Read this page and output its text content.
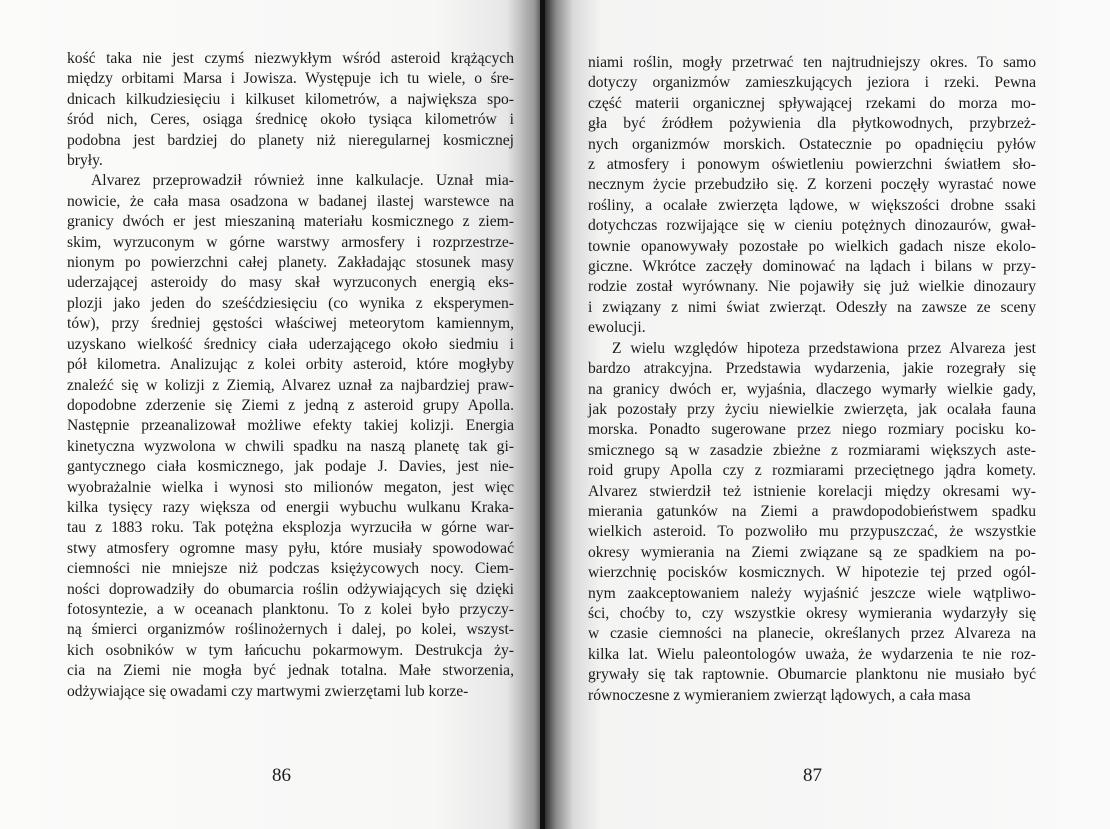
kość taka nie jest czymś niezwykłym wśród asteroid krążących
między orbitami Marsa i Jowisza. Występuje ich tu wiele, o śre-
dnicach kilkudziesięciu i kilkuset kilometrów, a największa spo-
śród nich, Ceres, osiąga średnicę około tysiąca kilometrów i
podobna jest bardziej do planety niż nieregularnej kosmicznej
bryły.
Alvarez przeprowadził również inne kalkulacje. Uznał mia-
nowicie, że cała masa osadzona w badanej ilastej warstewce na
granicy dwóch er jest mieszaniną materiału kosmicznego z ziem-
skim, wyrzuconym w górne warstwy armosfery i rozprzestrze-
nionym po powierzchni całej planety. Zakładając stosunek masy
uderzającej asteroidy do masy skał wyrzuconych energią eks-
plozji jako jeden do sześćdziesięciu (co wynika z eksperymen-
tów), przy średniej gęstości właściwej meteorytom kamiennym,
uzyskano wielkość średnicy ciała uderzającego około siedmiu i
pół kilometra. Analizując z kolei orbity asteroid, które mogłyby
znaleźć się w kolizji z Ziemią, Alvarez uznał za najbardziej praw-
dopodobne zderzenie się Ziemi z jedną z asteroid grupy Apolla.
Następnie przeanalizował możliwe efekty takiej kolizji. Energia
kinetyczna wyzwolona w chwili spadku na naszą planetę tak gi-
gantycznego ciała kosmicznego, jak podaje J. Davies, jest nie-
wyobrażalnie wielka i wynosi sto milionów megaton, jest więc
kilka tysięcy razy większa od energii wybuchu wulkanu Kraka-
tau z 1883 roku. Tak potężna eksplozja wyrzuciła w górne war-
stwy atmosfery ogromne masy pyłu, które musiały spowodować
ciemności nie mniejsze niż podczas księżycowych nocy. Ciem-
ności doprowadziły do obumarcia roślin odżywiających się dzięki
fotosyntezie, a w oceanach planktonu. To z kolei było przyczy-
ną śmierci organizmów roślinożernych i dalej, po kolei, wszyst-
kich osobników w tym łańcuchu pokarmowym. Destrukcja ży-
cia na Ziemi nie mogła być jednak totalna. Małe stworzenia,
odżywiające się owadami czy martwymi zwierzętami lub korze-
86
niami roślin, mogły przetrwać ten najtrudniejszy okres. To samo
dotyczy organizmów zamieszkujących jeziora i rzeki. Pewna
część materii organicznej spływającej rzekami do morza mo-
gła być źródłem pożywienia dla płytkowodnych, przybrzeż-
nych organizmów morskich. Ostatecznie po opadnięciu pyłów
z atmosfery i ponowym oświetleniu powierzchni światłem sło-
necznym życie przebudziło się. Z korzeni poczęły wyrastać nowe
rośliny, a ocalałe zwierzęta lądowe, w większości drobne ssaki
dotychczas rozwijające się w cieniu potężnych dinozaurów, gwał-
townie opanowywały pozostałe po wielkich gadach nisze ekolo-
giczne. Wkrótce zaczęły dominować na lądach i bilans w przy-
rodzie został wyrównany. Nie pojawiły się już wielkie dinozaury
i związany z nimi świat zwierząt. Odeszły na zawsze ze sceny
ewolucji.
Z wielu względów hipoteza przedstawiona przez Alvareza jest
bardzo atrakcyjna. Przedstawia wydarzenia, jakie rozegrały się
na granicy dwóch er, wyjaśnia, dlaczego wymarły wielkie gady,
jak pozostały przy życiu niewielkie zwierzęta, jak ocalała fauna
morska. Ponadto sugerowane przez niego rozmiary pocisku ko-
smicznego są w zasadzie zbieżne z rozmiarami większych aste-
roid grupy Apolla czy z rozmiarami przeciętnego jądra komety.
Alvarez stwierdził też istnienie korelacji między okresami wy-
mierania gatunków na Ziemi a prawdopodobieństwem spadku
wielkich asteroid. To pozwoliło mu przypuszczać, że wszystkie
okresy wymierania na Ziemi związane są ze spadkiem na po-
wierzchnię pocisków kosmicznych. W hipotezie tej przed ogól-
nym zaakceptowaniem należy wyjaśnić jeszcze wiele wątpliwo-
ści, choćby to, czy wszystkie okresy wymierania wydarzyły się
w czasie ciemności na planecie, określanych przez Alvareza na
kilka lat. Wielu paleontologów uważa, że wydarzenia te nie roz-
grywały się tak raptownie. Obumarcie planktonu nie musiało być
równoczesne z wymieraniem zwierząt lądowych, a cała masa
87
